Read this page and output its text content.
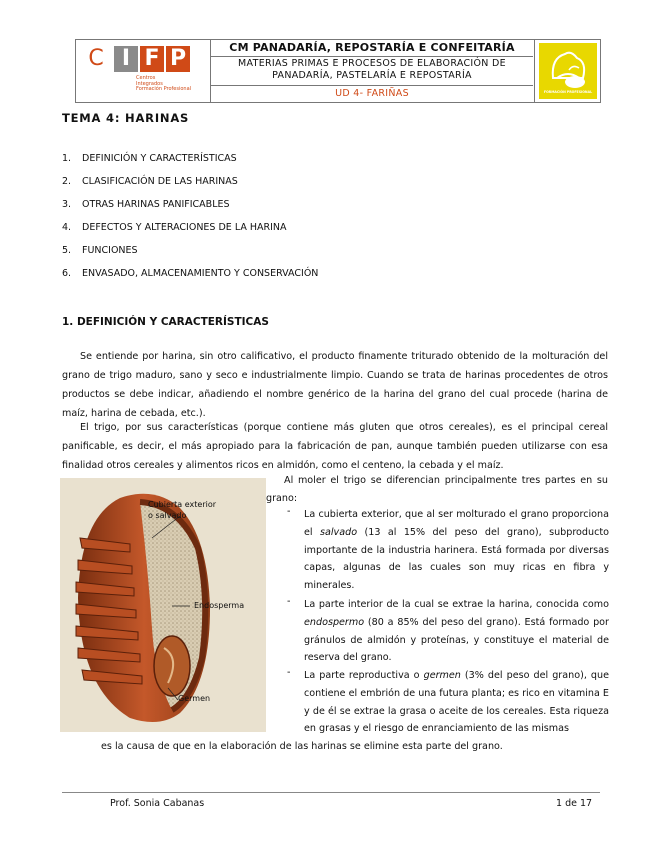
C I F P
Centros
Integrados
Formación Profesional
CM PANADARÍA, REPOSTARÍA E CONFEITARÍA
MATERIAS PRIMAS E PROCESOS DE ELABORACIÓN DE
PANADARÍA, PASTELARÍA E REPOSTARÍA
UD 4- FARIÑAS	FORMACIÓN PROFESIONAL
TEMA 4: HARINAS
1. DEFINICIÓN Y CARACTERÍSTICAS
2. CLASIFICACIÓN DE LAS HARINAS
3. OTRAS HARINAS PANIFICABLES
4. DEFECTOS Y ALTERACIONES DE LA HARINA
5. FUNCIONES
6. ENVASADO, ALMACENAMIENTO Y CONSERVACIÓN
1. DEFINICIÓN Y CARACTERÍSTICAS
Se entiende por harina, sin otro calificativo, el producto finamente triturado obtenido de la molturación del grano de trigo maduro, sano y seco e industrialmente limpio. Cuando se trata de harinas procedentes de otros productos se debe indicar, añadiendo el nombre genérico de la harina del grano del cual procede (harina de maíz, harina de cebada, etc.).
El trigo, por sus características (porque contiene más gluten que otros cereales), es el principal cereal panificable, es decir, el más apropiado para la fabricación de pan, aunque también pueden utilizarse con esa finalidad otros cereales y alimentos ricos en almidón, como el centeno, la cebada y el maíz.
Al moler el trigo se diferencian principalmente tres partes en su grano:
Cubierta exterior
o salvado
Endosperma
Germen
- La cubierta exterior, que al ser molturado el grano proporciona el salvado (13 al 15% del peso del grano), subproducto importante de la industria harinera. Está formada por diversas capas, algunas de las cuales son muy ricas en fibra y minerales.
- La parte interior de la cual se extrae la harina, conocida como endospermo (80 a 85% del peso del grano). Está formado por gránulos de almidón y proteínas, y constituye el material de reserva del grano.
- La parte reproductiva o germen (3% del peso del grano), que contiene el embrión de una futura planta; es rico en vitamina E y de él se extrae la grasa o aceite de los cereales. Esta riqueza en grasas y el riesgo de enranciamiento de las mismas
es la causa de que en la elaboración de las harinas se elimine esta parte del grano.
Prof. Sonia Cabanas	1 de 17
